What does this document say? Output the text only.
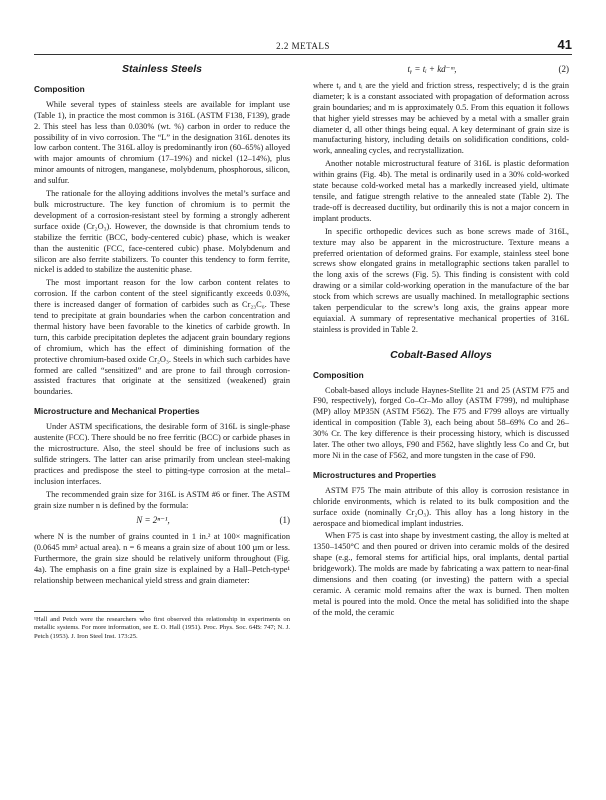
2.2 METALS	41
Stainless Steels
Composition

While several types of stainless steels are available for implant use (Table 1), in practice the most common is 316L (ASTM F138, F139), grade 2. This steel has less than 0.030% (wt. %) carbon in order to reduce the possibility of in vivo corrosion. The “L” in the designation 316L denotes its low carbon content. The 316L alloy is predominantly iron (60–65%) alloyed with major amounts of chromium (17–19%) and nickel (12–14%), plus minor amounts of nitrogen, manganese, molybdenum, phosphorous, silicon, and sulfur.

The rationale for the alloying additions involves the metal’s surface and bulk microstructure. The key function of chromium is to permit the development of a corrosion-resistant steel by forming a strongly adherent surface oxide (Cr₂O₃). However, the downside is that chromium tends to stabilize the ferritic (BCC, body-centered cubic) phase, which is weaker than the austenitic (FCC, face-centered cubic) phase. Molybdenum and silicon are also ferrite stabilizers. To counter this tendency to form ferrite, nickel is added to stabilize the austenitic phase.

The most important reason for the low carbon content relates to corrosion. If the carbon content of the steel significantly exceeds 0.03%, there is increased danger of formation of carbides such as Cr₂₃C₆. These tend to precipitate at grain boundaries when the carbon concentration and thermal history have been favorable to the kinetics of carbide growth. In turn, this carbide precipitation depletes the adjacent grain boundary regions of chromium, which has the effect of diminishing formation of the protective chromium-based oxide Cr₂O₃. Steels in which such carbides have formed are called “sensitized” and are prone to fail through corrosion-assisted fractures that originate at the sensitized (weakened) grain boundaries.

Microstructure and Mechanical Properties

Under ASTM specifications, the desirable form of 316L is single-phase austenite (FCC). There should be no free ferritic (BCC) or carbide phases in the microstructure. Also, the steel should be free of inclusions such as sulfide stringers. The latter can arise primarily from unclean steel-making practices and predispose the steel to pitting-type corrosion at the metal–inclusion interfaces.

The recommended grain size for 316L is ASTM #6 or finer. The ASTM grain size number n is defined by the formula:

N = 2ⁿ⁻¹,	(1)

where N is the number of grains counted in 1 in.² at 100× magnification (0.0645 mm² actual area). n = 6 means a grain size of about 100 µm or less. Furthermore, the grain size should be relatively uniform throughout (Fig. 4a). The emphasis on a fine grain size is explained by a Hall–Petch-type¹ relationship between mechanical yield stress and grain diameter:

¹Hall and Petch were the researchers who first observed this relationship in experiments on metallic systems. For more information, see E. O. Hall (1951). Proc. Phys. Soc. 64B: 747; N. J. Petch (1953). J. Iron Steel Inst. 173:25.

tᵧ = tᵢ + kd⁻ᵐ,	(2)

where tᵧ and tᵢ are the yield and friction stress, respectively; d is the grain diameter; k is a constant associated with propagation of deformation across grain boundaries; and m is approximately 0.5. From this equation it follows that higher yield stresses may be achieved by a metal with a smaller grain diameter d, all other things being equal. A key determinant of grain size is manufacturing history, including details on solidification conditions, cold-work, annealing cycles, and recrystallization.

Another notable microstructural feature of 316L is plastic deformation within grains (Fig. 4b). The metal is ordinarily used in a 30% cold-worked state because cold-worked metal has a markedly increased yield, ultimate tensile, and fatigue strength relative to the annealed state (Table 2). The trade-off is decreased ductility, but ordinarily this is not a major concern in implant products.

In specific orthopedic devices such as bone screws made of 316L, texture may also be apparent in the microstructure. Texture means a preferred orientation of deformed grains. For example, stainless steel bone screws show elongated grains in metallographic sections taken parallel to the long axis of the screws (Fig. 5). This finding is consistent with cold drawing or a similar cold-working operation in the manufacture of the bar stock from which screws are usually machined. In metallographic sections taken perpendicular to the screw’s long axis, the grains appear more equiaxial. A summary of representative mechanical properties of 316L stainless is provided in Table 2.

Cobalt-Based Alloys
Composition

Cobalt-based alloys include Haynes-Stellite 21 and 25 (ASTM F75 and F90, respectively), forged Co–Cr–Mo alloy (ASTM F799), nd multiphase (MP) alloy MP35N (ASTM F562). The F75 and F799 alloys are virtually identical in composition (Table 3), each being about 58–69% Co and 26–30% Cr. The key difference is their processing history, which is discussed later. The other two alloys, F90 and F562, have slightly less Co and Cr, but more Ni in the case of F562, and more tungsten in the case of F90.

Microstructures and Properties

ASTM F75 The main attribute of this alloy is corrosion resistance in chloride environments, which is related to its bulk composition and the surface oxide (nominally Cr₂O₃). This alloy has a long history in the aerospace and biomedical implant industries.

When F75 is cast into shape by investment casting, the alloy is melted at 1350–1450°C and then poured or driven into ceramic molds of the desired shape (e.g., femoral stems for artificial hips, oral implants, dental partial bridgework). The molds are made by fabricating a wax pattern to near-final dimensions and then coating (or investing) the pattern with a special ceramic. A ceramic mold remains after the wax is burned. Then molten metal is poured into the mold. Once the metal has solidified into the shape of the mold, the ceramic
